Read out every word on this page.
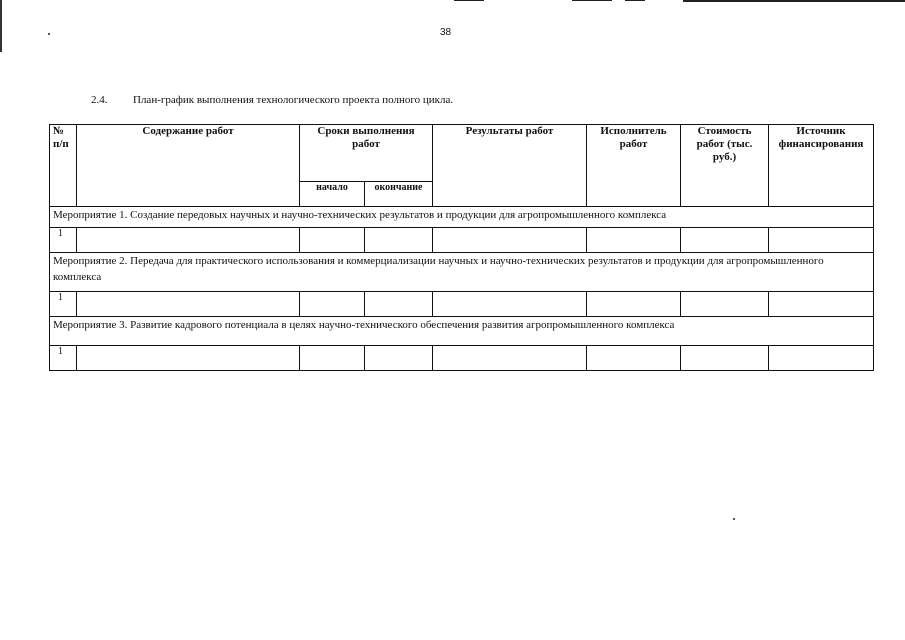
38
2.4. План-график выполнения технологического проекта полного цикла.
№ п/п	Содержание работ	Сроки выполнения работ		Результаты работ	Исполнитель работ	Стоимость работ (тыс. руб.)	Источник финансирования
		начало	окончание				
Мероприятие 1. Создание передовых научных и научно-технических результатов и продукции для агропромышленного комплекса							
1							
Мероприятие 2. Передача для практического использования и коммерциализации научных и научно-технических результатов и продукции для агропромышленного комплекса							
1							
Мероприятие 3. Развитие кадрового потенциала в целях научно-технического обеспечения развития агропромышленного комплекса							
1							
